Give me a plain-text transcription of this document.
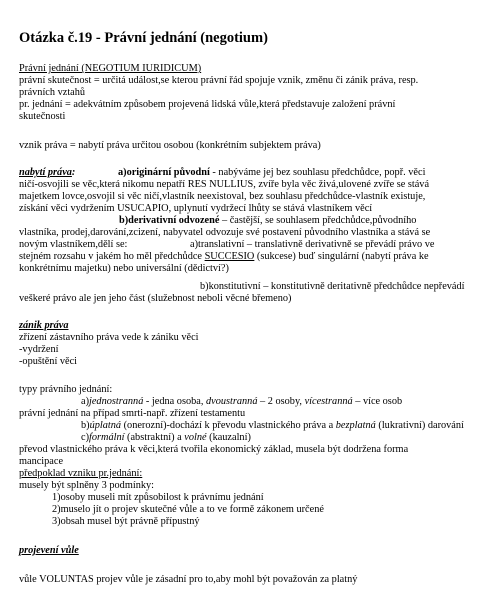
Otázka č.19 - Právní jednání (negotium)
Právní jednání (NEGOTIUM IURIDICUM)
právní skutečnost = určitá událost,se kterou právní řád spojuje vznik, změnu či zánik práva, resp.
právních vztahů
pr. jednání = adekvátním způsobem projevená lidská vůle,která představuje založení právní
skutečnosti
vznik práva = nabytí práva určitou osobou (konkrétním subjektem práva)
nabytí práva:	a)originární původní - nabýváme jej bez souhlasu předchůdce, popř. věci
ničí-osvojili se věc,která nikomu nepatří RES NULLIUS, zvíře byla věc živá,ulovené zvíře se stává
majetkem lovce,osvojil si věc ničí,vlastník neexistoval, bez souhlasu předchůdce-vlastník existuje,
získání věci vydržením USUCAPIO, uplynutí vydržecí lhůty se stává vlastníkem věcí
b)derivativní odvozené – častější, se souhlasem předchůdce,původního
vlastníka, prodej,darování,zcizení, nabyvatel odvozuje své postavení původního vlastníka a stává se
novým vlastníkem,dělí se:	a)translativní – translativně derivativně se převádí právo ve
stejném rozsahu v jakém ho měl předchůdce SUCCESIO (sukcese) buď singulární (nabytí práva ke
konkrétnímu majetku) nebo universální (dědictví?)
b)konstitutivní – konstitutivně deritativně předchůdce nepřevádí
veškeré právo ale jen jeho část (služebnost neboli věcné břemeno)
zánik práva
zřízení zástavního práva vede k zániku věci
-vydržení
-opuštění věci
typy právního jednání:
a)jednostranná - jedna osoba, dvoustranná – 2 osoby, vícestranná – více osob
právní jednání na případ smrti-např. zřízení testamentu
b)úplatná (onerozní)-dochází k převodu vlastnického práva a bezplatná (lukrativní) darování
c)formální (abstraktní) a volné (kauzalní)
převod vlastnického práva k věci,která tvořila ekonomický základ, musela být dodržena forma
mancipace
předpoklad vzniku pr.jednání:
musely být splněny 3 podmínky:
1)osoby museli mít způsobilost k právnímu jednání
2)muselo jít o projev skutečné vůle a to ve formě zákonem určené
3)obsah musel být právně přípustný
projevení vůle
vůle VOLUNTAS projev vůle je zásadní pro to,aby mohl být považován za platný
